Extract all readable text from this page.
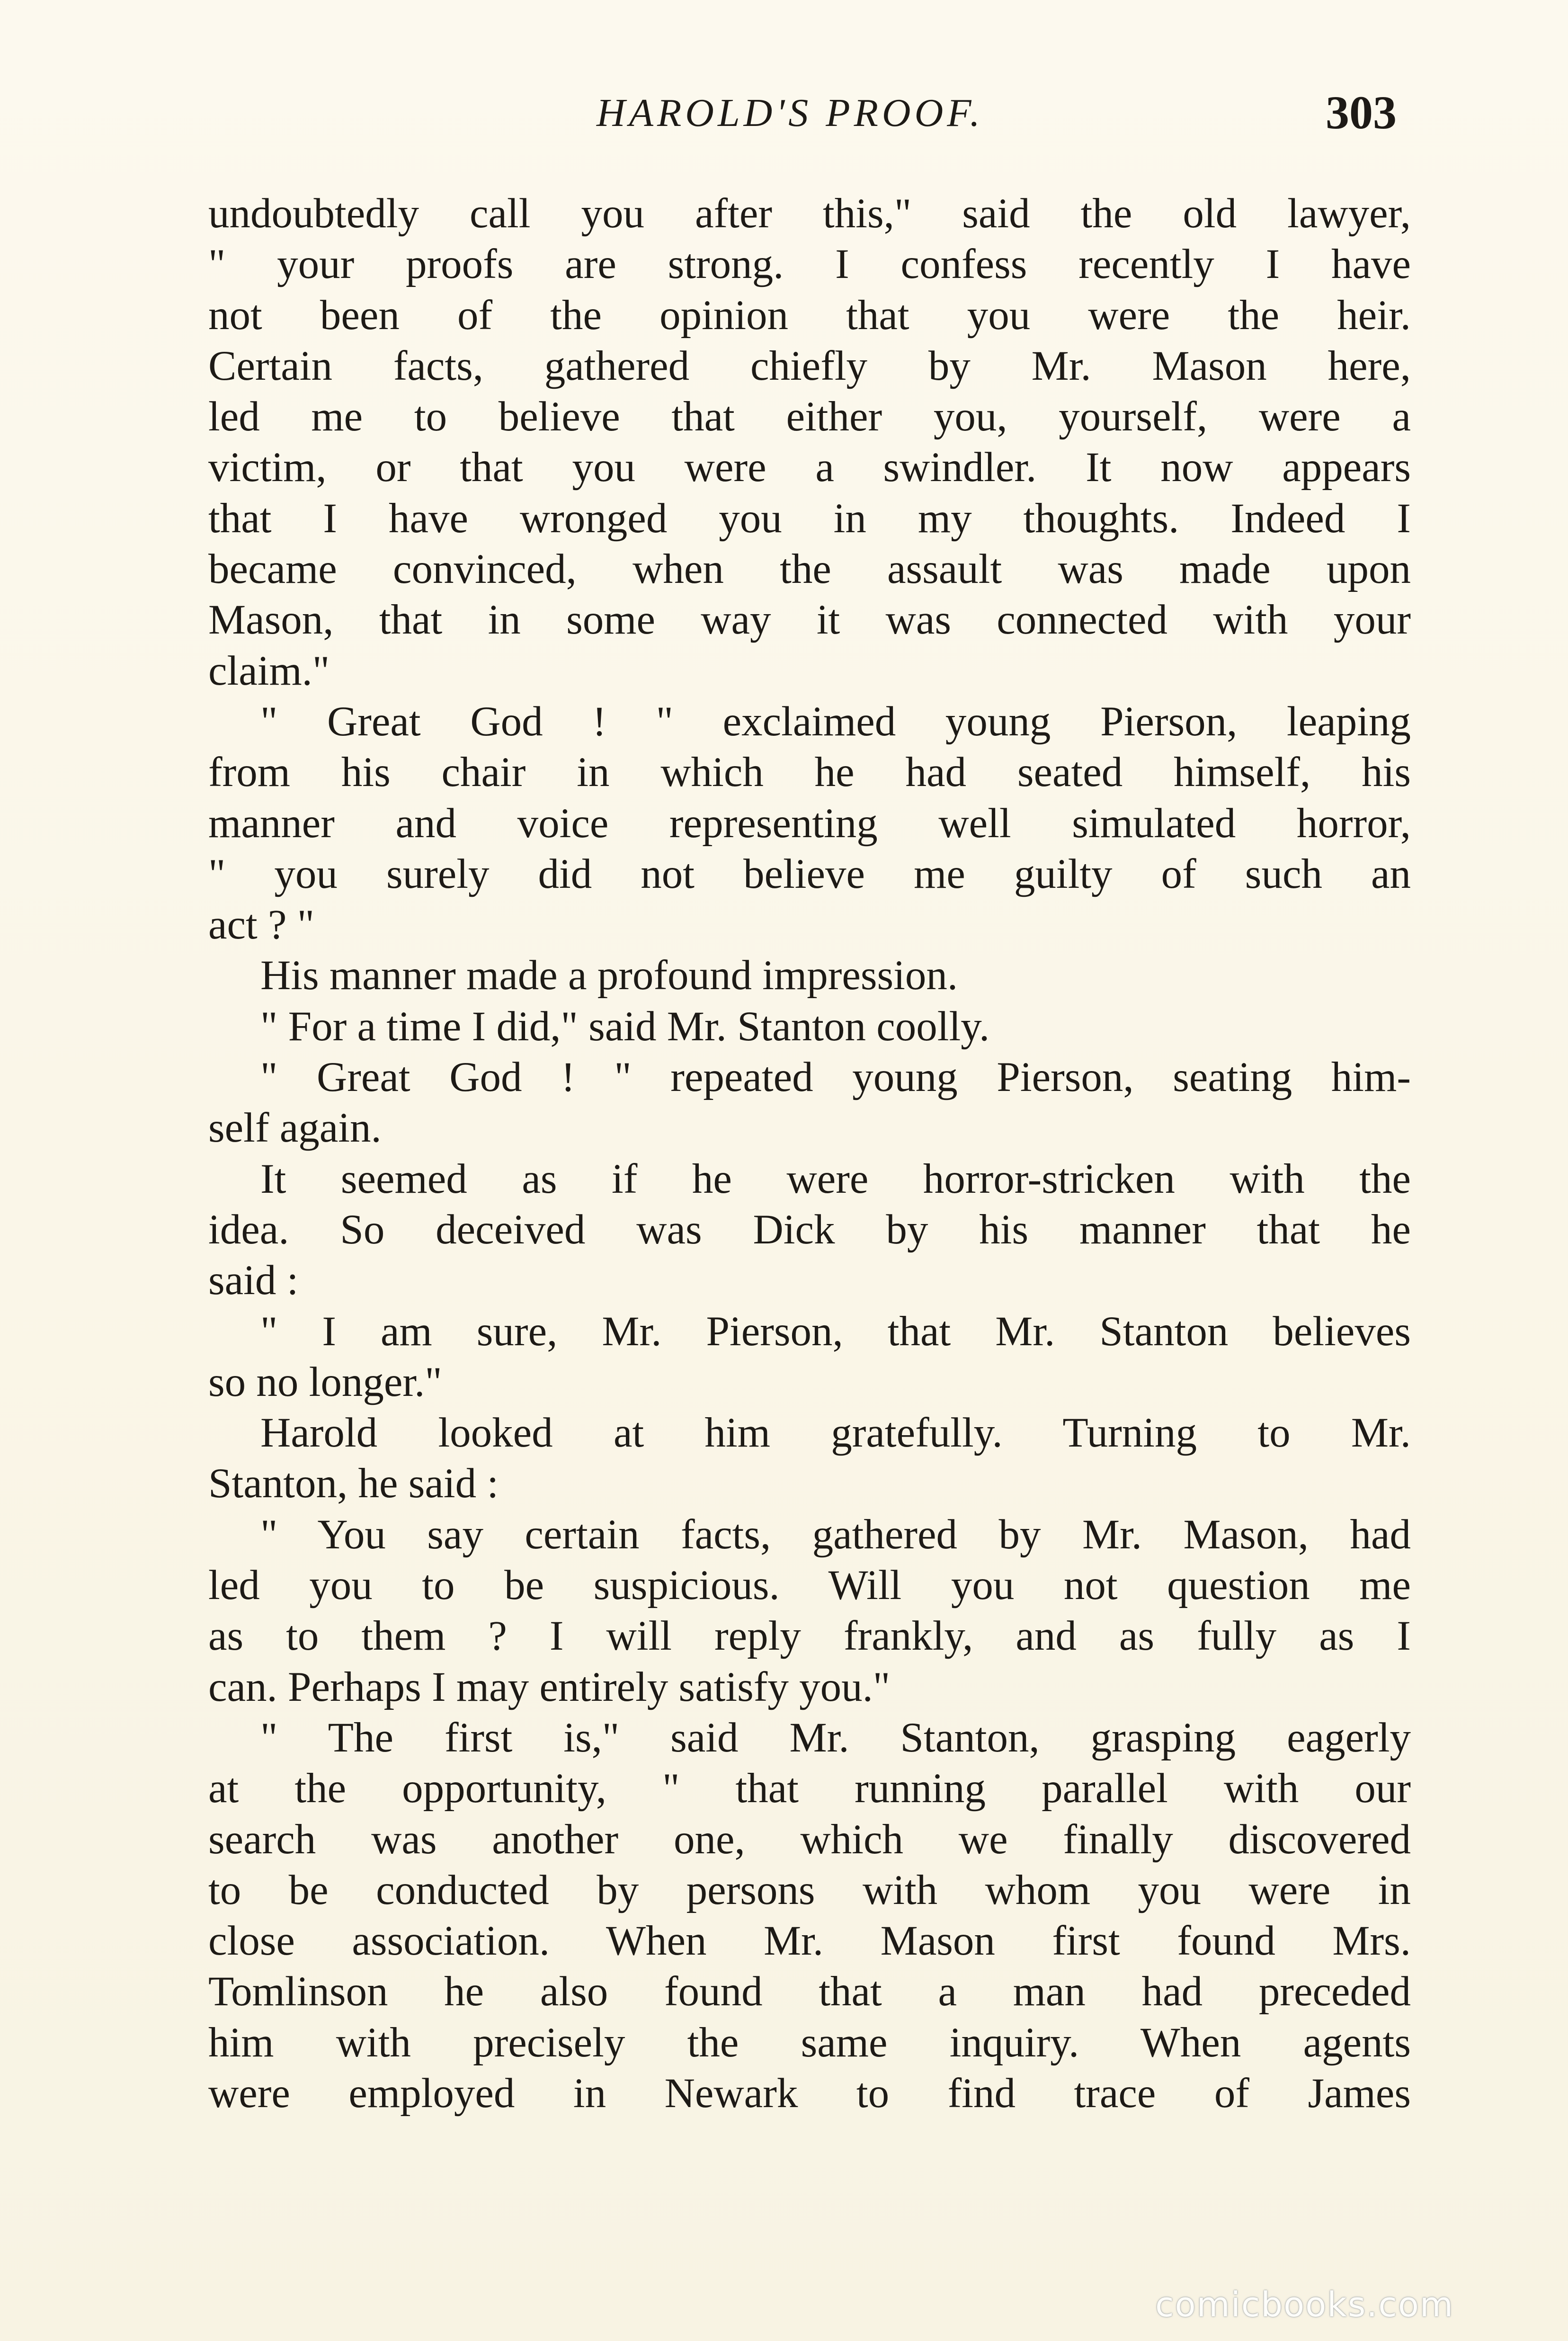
HAROLD'S PROOF.	303
undoubtedly call you after this," said the old lawyer,
" your proofs are strong. I confess recently I have
not been of the opinion that you were the heir.
Certain facts, gathered chiefly by Mr. Mason here,
led me to believe that either you, yourself, were a
victim, or that you were a swindler. It now appears
that I have wronged you in my thoughts. Indeed I
became convinced, when the assault was made upon
Mason, that in some way it was connected with your
claim."
" Great God ! " exclaimed young Pierson, leaping
from his chair in which he had seated himself, his
manner and voice representing well simulated horror,
" you surely did not believe me guilty of such an
act ? "
His manner made a profound impression.
" For a time I did," said Mr. Stanton coolly.
" Great God ! " repeated young Pierson, seating him-
self again.
It seemed as if he were horror-stricken with the
idea. So deceived was Dick by his manner that he
said :
" I am sure, Mr. Pierson, that Mr. Stanton believes
so no longer."
Harold looked at him gratefully. Turning to Mr.
Stanton, he said :
" You say certain facts, gathered by Mr. Mason, had
led you to be suspicious. Will you not question me
as to them ? I will reply frankly, and as fully as I
can. Perhaps I may entirely satisfy you."
" The first is," said Mr. Stanton, grasping eagerly
at the opportunity, " that running parallel with our
search was another one, which we finally discovered
to be conducted by persons with whom you were in
close association. When Mr. Mason first found Mrs.
Tomlinson he also found that a man had preceded
him with precisely the same inquiry. When agents
were employed in Newark to find trace of James
comicbooks.com
